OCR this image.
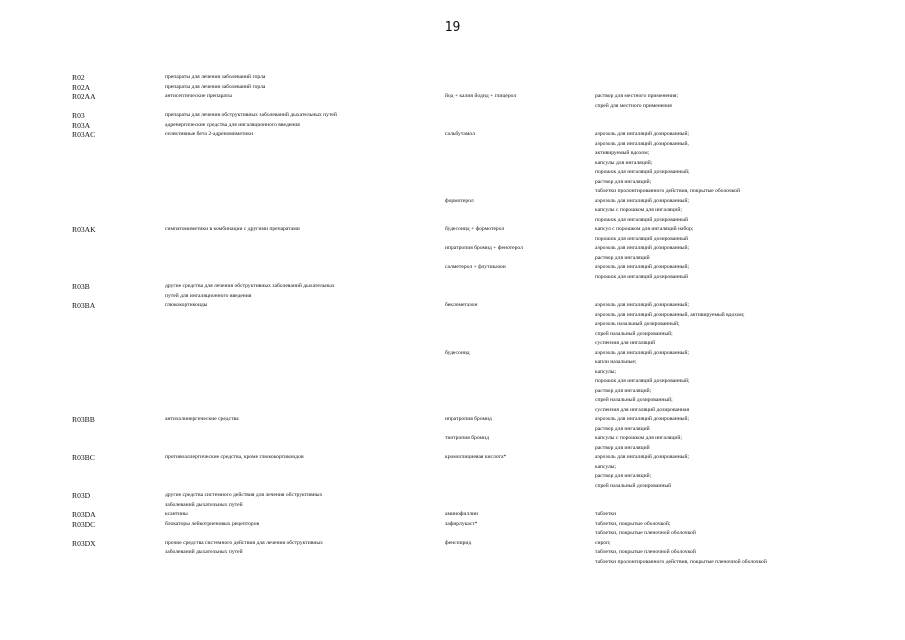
19
R02	препараты для лечения заболеваний горла
R02A	препараты для лечения заболеваний горла
R02AA	антисептические препараты	йод + калия йодид + глицерол	раствор для местного применения;
спрей для местного применения
R03	препараты для лечения обструктивных заболеваний дыхательных путей
R03A	адренергические средства для ингаляционного введения
R03AC	селективные бета 2-адреномиметики	сальбутамол	аэрозоль для ингаляций дозированный;
аэрозоль для ингаляций дозированный,
активируемый вдохом;
капсулы для ингаляций;
порошок для ингаляций дозированный;
раствор для ингаляций;
таблетки пролонгированного действия, покрытые оболочкой
формотерол	аэрозоль для ингаляций дозированный;
капсулы с порошком для ингаляций;
порошок для ингаляций дозированный
R03AK	симпатомиметики в комбинации с другими препаратами	будесонид + формотерол	капсул с порошком для ингаляций набор;
порошок для ингаляций дозированный
ипратропия бромид + фенотерол	аэрозоль для ингаляций дозированный;
раствор для ингаляций
салметерол + флутиказон	аэрозоль для ингаляций дозированный;
порошок для ингаляций дозированный
R03B	другие средства для лечения обструктивных заболеваний дыхательных
путей для ингаляционного введения
R03BA	глюкокортикоиды	беклометазон	аэрозоль для ингаляций дозированный;
аэрозоль для ингаляций дозированный, активируемый вдохом;
аэрозоль назальный дозированный;
спрей назальный дозированный;
суспензия для ингаляций
будесонид	аэрозоль для ингаляций дозированный;
капли назальные;
капсулы;
порошок для ингаляций дозированный;
раствор для ингаляций;
спрей назальный дозированный;
суспензия для ингаляций дозированная
R03BB	антихолинергические средства	ипратропия бромид	аэрозоль для ингаляций дозированный;
раствор для ингаляций
тиотропия бромид	капсулы с порошком для ингаляций;
раствор для ингаляций
R03BC	противоаллергические средства, кроме глюкокортикоидов	кромоглициевая кислота*	аэрозоль для ингаляций дозированный;
капсулы;
раствор для ингаляций;
спрей назальный дозированный
R03D	другие средства системного действия для лечения обструктивных
заболеваний дыхательных путей
R03DA	ксантины	аминофиллин	таблетки
R03DC	блокаторы лейкотриеновых рецепторов	зафирлукаст*	таблетки, покрытые оболочкой;
таблетки, покрытые пленочной оболочкой
R03DX	прочие средства системного действия для лечения обструктивных
заболеваний дыхательных путей
фенспирид	сироп;
таблетки, покрытые пленочной оболочкой
таблетки пролонгированного действия, покрытые пленочной оболочкой
